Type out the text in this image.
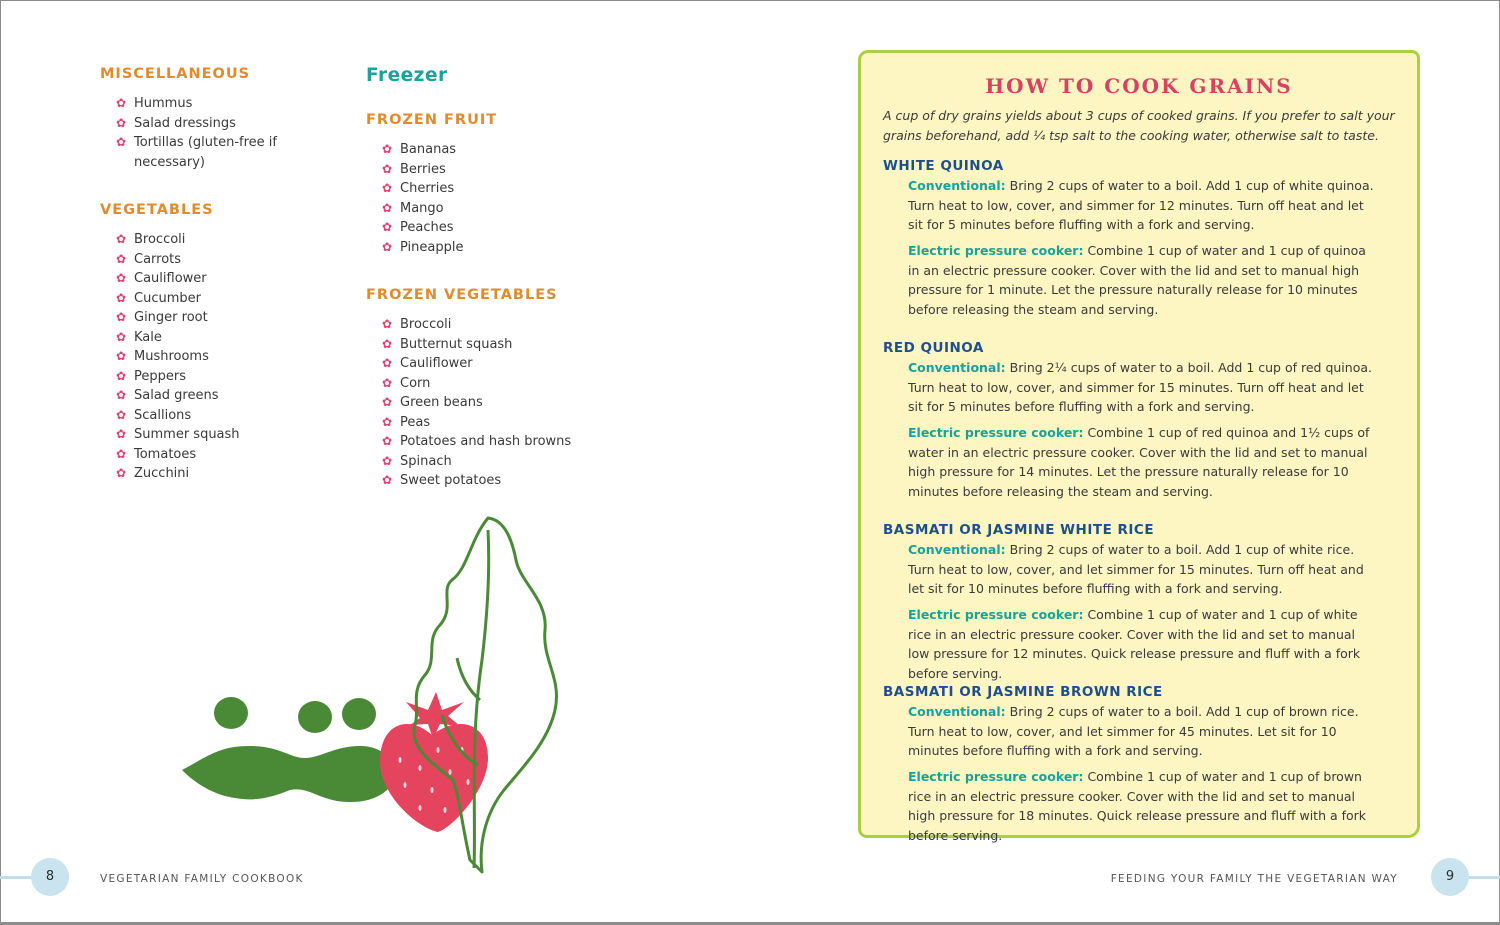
MISCELLANEOUS
✿ Hummus
✿ Salad dressings
✿ Tortillas (gluten-free if necessary)
VEGETABLES
✿ Broccoli
✿ Carrots
✿ Cauliflower
✿ Cucumber
✿ Ginger root
✿ Kale
✿ Mushrooms
✿ Peppers
✿ Salad greens
✿ Scallions
✿ Summer squash
✿ Tomatoes
✿ Zucchini
Freezer
FROZEN FRUIT
✿ Bananas
✿ Berries
✿ Cherries
✿ Mango
✿ Peaches
✿ Pineapple
FROZEN VEGETABLES
✿ Broccoli
✿ Butternut squash
✿ Cauliflower
✿ Corn
✿ Green beans
✿ Peas
✿ Potatoes and hash browns
✿ Spinach
✿ Sweet potatoes
8	VEGETARIAN FAMILY COOKBOOK
HOW TO COOK GRAINS
A cup of dry grains yields about 3 cups of cooked grains. If you prefer to salt your grains beforehand, add ¼ tsp salt to the cooking water, otherwise salt to taste.
WHITE QUINOA
Conventional: Bring 2 cups of water to a boil. Add 1 cup of white quinoa. Turn heat to low, cover, and simmer for 12 minutes. Turn off heat and let sit for 5 minutes before fluffing with a fork and serving.
Electric pressure cooker: Combine 1 cup of water and 1 cup of quinoa in an electric pressure cooker. Cover with the lid and set to manual high pressure for 1 minute. Let the pressure naturally release for 10 minutes before releasing the steam and serving.
RED QUINOA
Conventional: Bring 2¼ cups of water to a boil. Add 1 cup of red quinoa. Turn heat to low, cover, and simmer for 15 minutes. Turn off heat and let sit for 5 minutes before fluffing with a fork and serving.
Electric pressure cooker: Combine 1 cup of red quinoa and 1½ cups of water in an electric pressure cooker. Cover with the lid and set to manual high pressure for 14 minutes. Let the pressure naturally release for 10 minutes before releasing the steam and serving.
BASMATI OR JASMINE WHITE RICE
Conventional: Bring 2 cups of water to a boil. Add 1 cup of white rice. Turn heat to low, cover, and let simmer for 15 minutes. Turn off heat and let sit for 10 minutes before fluffing with a fork and serving.
Electric pressure cooker: Combine 1 cup of water and 1 cup of white rice in an electric pressure cooker. Cover with the lid and set to manual low pressure for 12 minutes. Quick release pressure and fluff with a fork before serving.
BASMATI OR JASMINE BROWN RICE
Conventional: Bring 2 cups of water to a boil. Add 1 cup of brown rice. Turn heat to low, cover, and let simmer for 45 minutes. Let sit for 10 minutes before fluffing with a fork and serving.
Electric pressure cooker: Combine 1 cup of water and 1 cup of brown rice in an electric pressure cooker. Cover with the lid and set to manual high pressure for 18 minutes. Quick release pressure and fluff with a fork before serving.
FEEDING YOUR FAMILY THE VEGETARIAN WAY	9
